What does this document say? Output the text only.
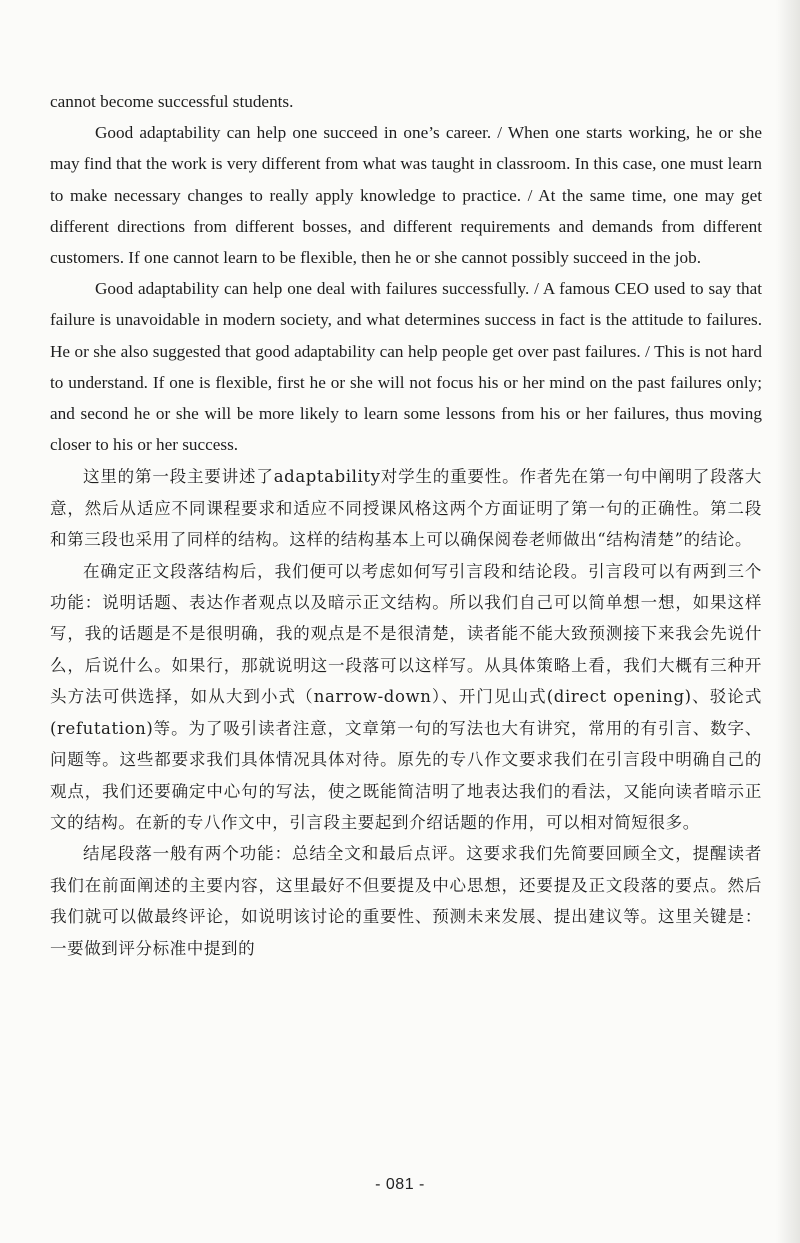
cannot become successful students.

Good adaptability can help one succeed in one’s career. / When one starts working, he or she may find that the work is very different from what was taught in classroom. In this case, one must learn to make necessary changes to really apply knowledge to practice. / At the same time, one may get different directions from different bosses, and different requirements and demands from different customers. If one cannot learn to be flexible, then he or she cannot possibly succeed in the job.

Good adaptability can help one deal with failures successfully. / A famous CEO used to say that failure is unavoidable in modern society, and what determines success in fact is the attitude to failures. He or she also suggested that good adaptability can help people get over past failures. / This is not hard to understand. If one is flexible, first he or she will not focus his or her mind on the past failures only; and second he or she will be more likely to learn some lessons from his or her failures, thus moving closer to his or her success.

这里的第一段主要讲述了adaptability对学生的重要性。作者先在第一句中阐明了段落大意，然后从适应不同课程要求和适应不同授课风格这两个方面证明了第一句的正确性。第二段和第三段也采用了同样的结构。这样的结构基本上可以确保阅卷老师做出“结构清楚”的结论。

在确定正文段落结构后，我们便可以考虑如何写引言段和结论段。引言段可以有两到三个功能：说明话题、表达作者观点以及暗示正文结构。所以我们自己可以简单想一想，如果这样写，我的话题是不是很明确，我的观点是不是很清楚，读者能不能大致预测接下来我会先说什么，后说什么。如果行，那就说明这一段落可以这样写。从具体策略上看，我们大概有三种开头方法可供选择，如从大到小式（narrow-down）、开门见山式(direct opening)、驳论式(refutation)等。为了吸引读者注意，文章第一句的写法也大有讲究，常用的有引言、数字、问题等。这些都要求我们具体情况具体对待。原先的专八作文要求我们在引言段中明确自己的观点，我们还要确定中心句的写法，使之既能简洁明了地表达我们的看法，又能向读者暗示正文的结构。在新的专八作文中，引言段主要起到介绍话题的作用，可以相对简短很多。

结尾段落一般有两个功能：总结全文和最后点评。这要求我们先简要回顾全文，提醒读者我们在前面阐述的主要内容，这里最好不但要提及中心思想，还要提及正文段落的要点。然后我们就可以做最终评论，如说明该讨论的重要性、预测未来发展、提出建议等。这里关键是：一要做到评分标准中提到的

- 081 -
